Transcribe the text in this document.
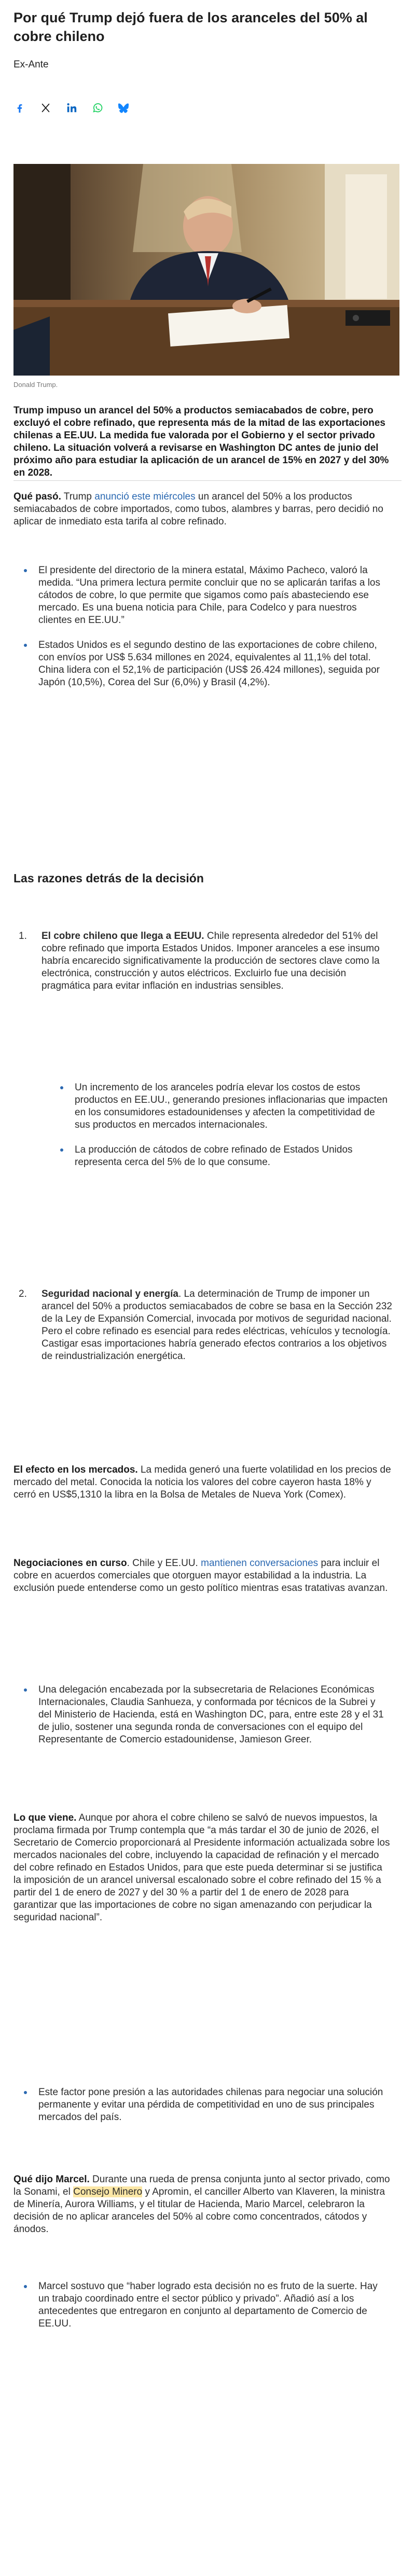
Por qué Trump dejó fuera de los aranceles del 50% al cobre chileno

Ex-Ante

Donald Trump.

Trump impuso un arancel del 50% a productos semiacabados de cobre, pero excluyó el cobre refinado, que representa más de la mitad de las exportaciones chilenas a EE.UU. La medida fue valorada por el Gobierno y el sector privado chileno. La situación volverá a revisarse en Washington DC antes de junio del próximo año para estudiar la aplicación de un arancel de 15% en 2027 y del 30% en 2028.

Qué pasó. Trump anunció este miércoles un arancel del 50% a los productos semiacabados de cobre importados, como tubos, alambres y barras, pero decidió no aplicar de inmediato esta tarifa al cobre refinado.

El presidente del directorio de la minera estatal, Máximo Pacheco, valoró la medida. “Una primera lectura permite concluir que no se aplicarán tarifas a los cátodos de cobre, lo que permite que sigamos como país abasteciendo ese mercado. Es una buena noticia para Chile, para Codelco y para nuestros clientes en EE.UU.”
Estados Unidos es el segundo destino de las exportaciones de cobre chileno, con envíos por US$ 5.634 millones en 2024, equivalentes al 11,1% del total. China lidera con el 52,1% de participación (US$ 26.424 millones), seguida por Japón (10,5%), Corea del Sur (6,0%) y Brasil (4,2%).
Las razones detrás de la decisión
1. El cobre chileno que llega a EEUU. Chile representa alrededor del 51% del cobre refinado que importa Estados Unidos. Imponer aranceles a ese insumo habría encarecido significativamente la producción de sectores clave como la electrónica, construcción y autos eléctricos. Excluirlo fue una decisión pragmática para evitar inflación en industrias sensibles.

Un incremento de los aranceles podría elevar los costos de estos productos en EE.UU., generando presiones inflacionarias que impacten en los consumidores estadounidenses y afecten la competitividad de sus productos en mercados internacionales.
La producción de cátodos de cobre refinado de Estados Unidos representa cerca del 5% de lo que consume.
2. Seguridad nacional y energía. La determinación de Trump de imponer un arancel del 50% a productos semiacabados de cobre se basa en la Sección 232 de la Ley de Expansión Comercial, invocada por motivos de seguridad nacional. Pero el cobre refinado es esencial para redes eléctricas, vehículos y tecnología. Castigar esas importaciones habría generado efectos contrarios a los objetivos de reindustrialización energética.

El efecto en los mercados. La medida generó una fuerte volatilidad en los precios de mercado del metal. Conocida la noticia los valores del cobre cayeron hasta 18% y cerró en US$5,1310 la libra en la Bolsa de Metales de Nueva York (Comex).

Negociaciones en curso. Chile y EE.UU. mantienen conversaciones para incluir el cobre en acuerdos comerciales que otorguen mayor estabilidad a la industria. La exclusión puede entenderse como un gesto político mientras esas tratativas avanzan.

Una delegación encabezada por la subsecretaria de Relaciones Económicas Internacionales, Claudia Sanhueza, y conformada por técnicos de la Subrei y del Ministerio de Hacienda, está en Washington DC, para, entre este 28 y el 31 de julio, sostener una segunda ronda de conversaciones con el equipo del Representante de Comercio estadounidense, Jamieson Greer.

Lo que viene. Aunque por ahora el cobre chileno se salvó de nuevos impuestos, la proclama firmada por Trump contempla que “a más tardar el 30 de junio de 2026, el Secretario de Comercio proporcionará al Presidente información actualizada sobre los mercados nacionales del cobre, incluyendo la capacidad de refinación y el mercado del cobre refinado en Estados Unidos, para que este pueda determinar si se justifica la imposición de un arancel universal escalonado sobre el cobre refinado del 15 % a partir del 1 de enero de 2027 y del 30 % a partir del 1 de enero de 2028 para garantizar que las importaciones de cobre no sigan amenazando con perjudicar la seguridad nacional”.

Este factor pone presión a las autoridades chilenas para negociar una solución permanente y evitar una pérdida de competitividad en uno de sus principales mercados del país.

Qué dijo Marcel. Durante una rueda de prensa conjunta junto al sector privado, como la Sonami, el Consejo Minero y Apromin, el canciller Alberto van Klaveren, la ministra de Minería, Aurora Williams, y el titular de Hacienda, Mario Marcel, celebraron la decisión de no aplicar aranceles del 50% al cobre como concentrados, cátodos y ánodos.

Marcel sostuvo que “haber logrado esta decisión no es fruto de la suerte. Hay un trabajo coordinado entre el sector público y privado”. Añadió así a los antecedentes que entregaron en conjunto al departamento de Comercio de EE.UU.
